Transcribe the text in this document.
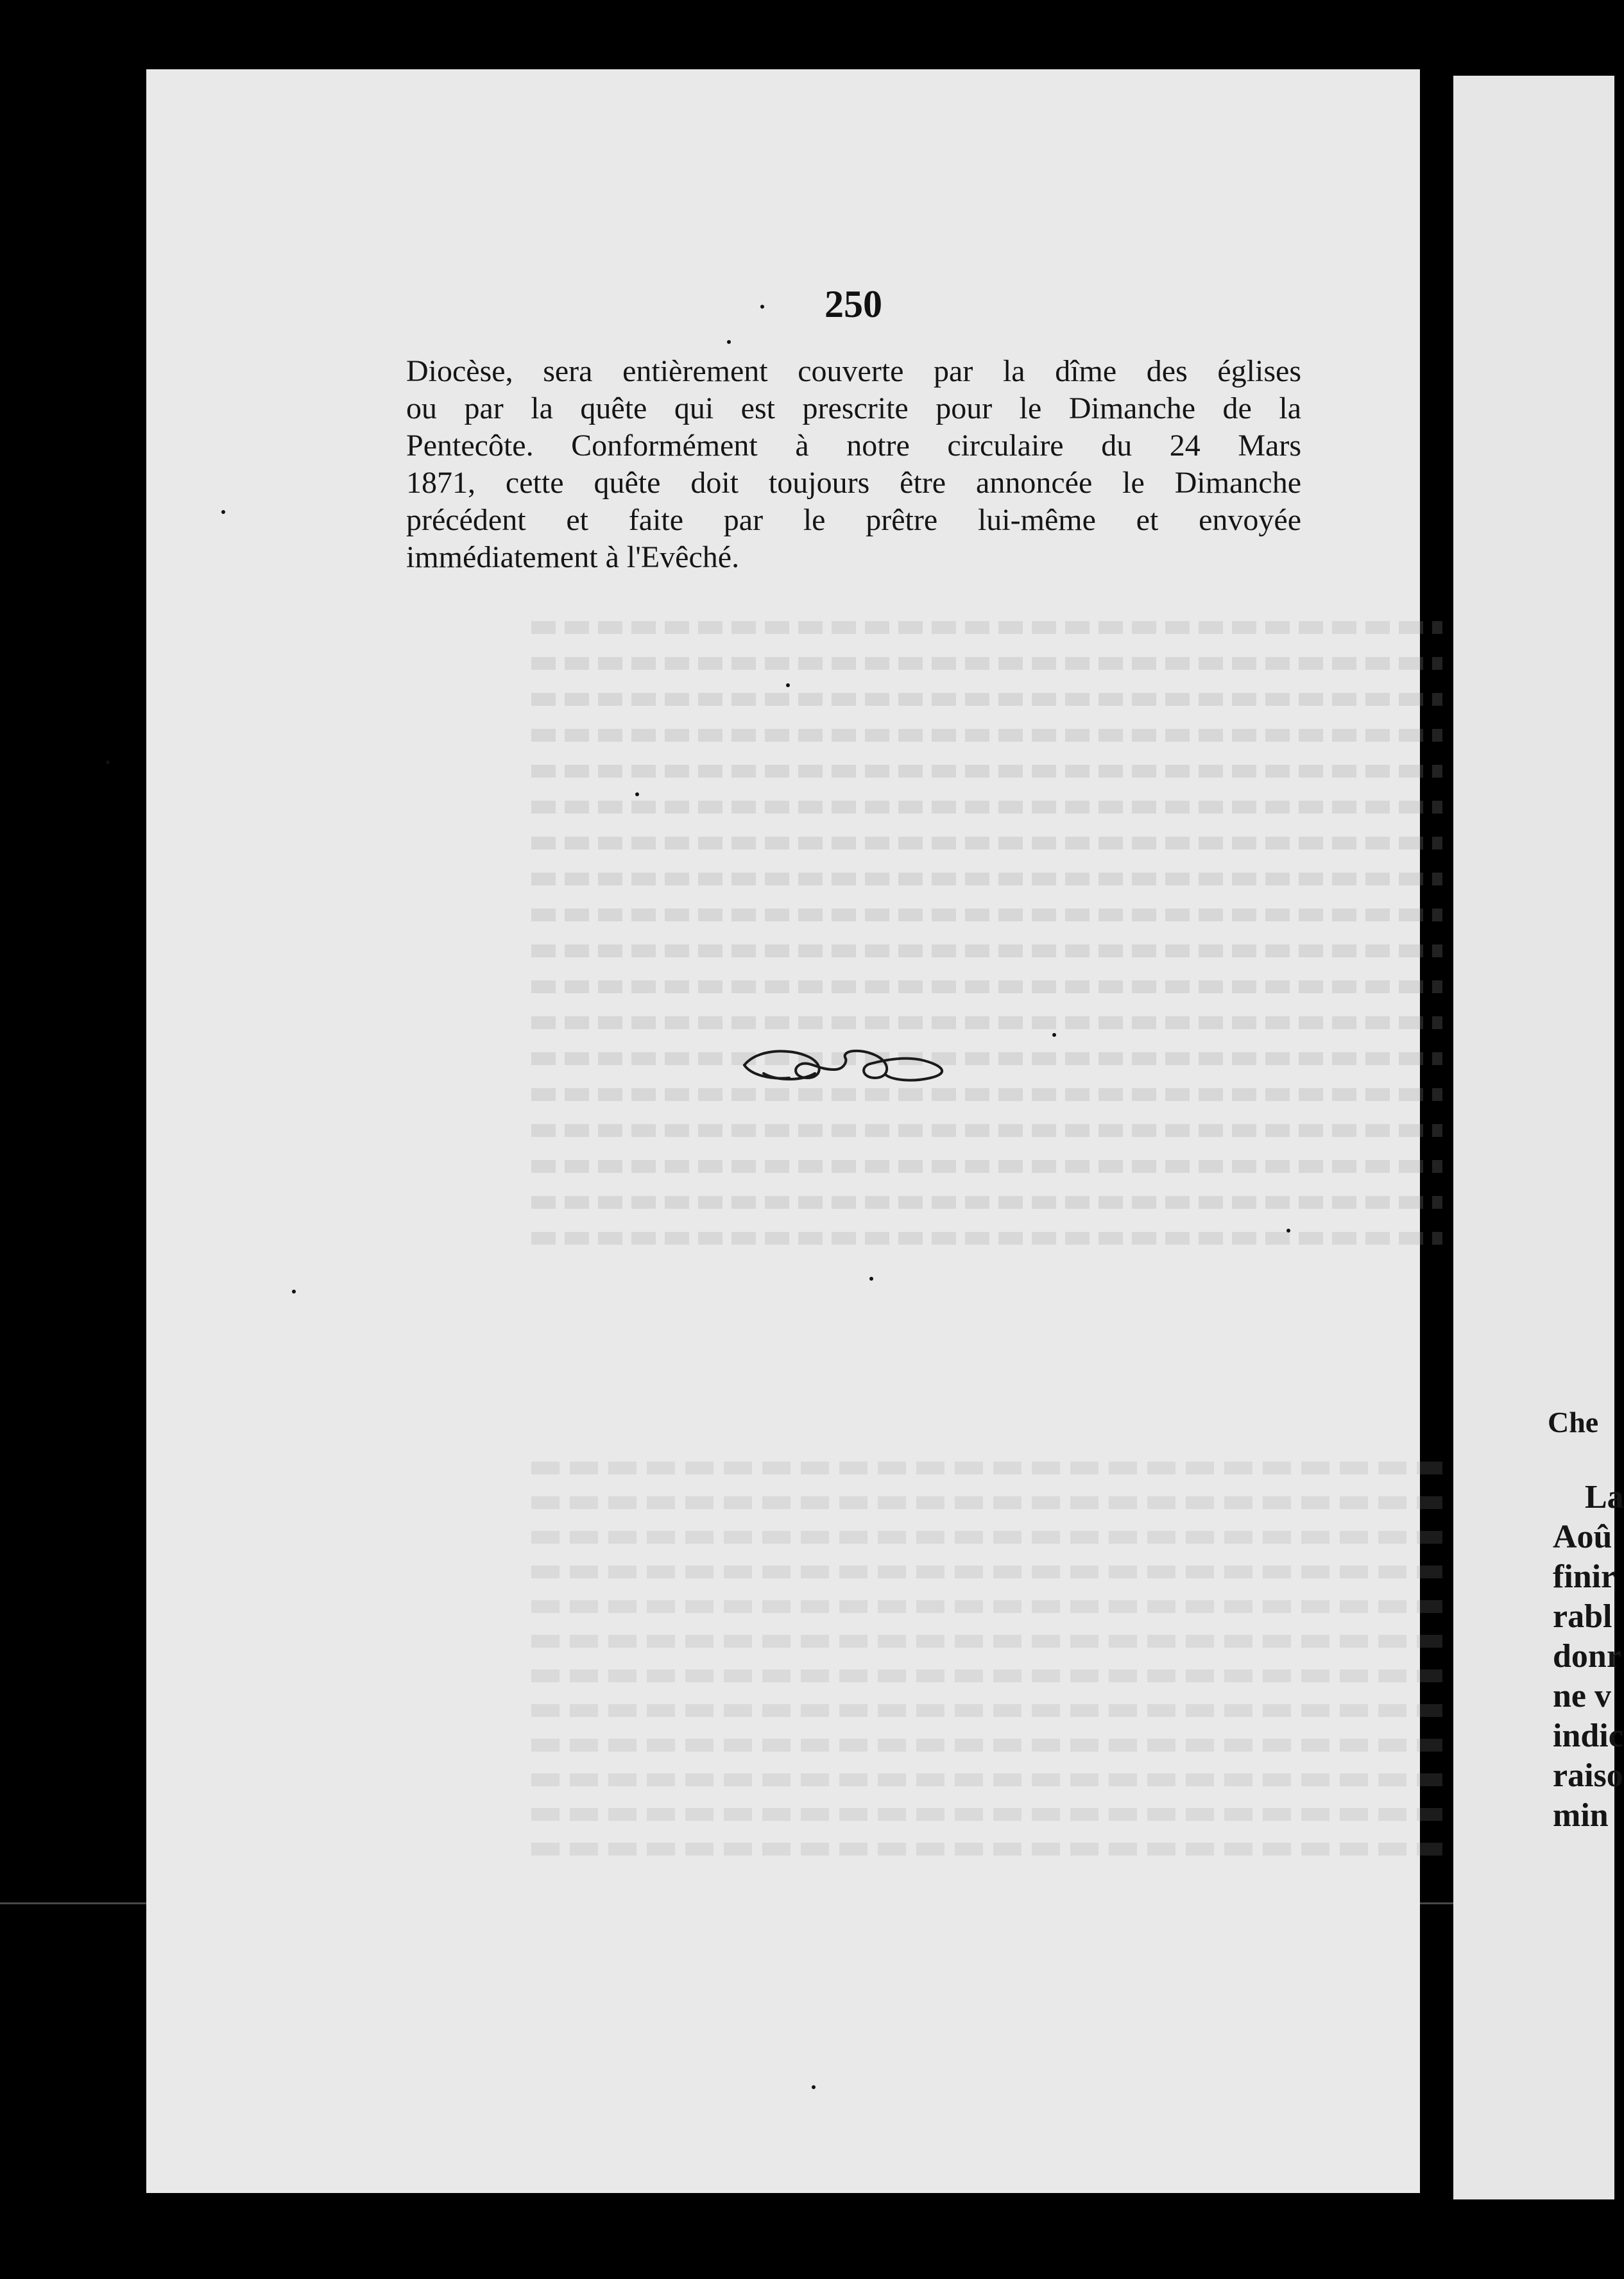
250

Diocèse, sera entièrement couverte par la dîme des églises
ou par la quête qui est prescrite pour le Dimanche de la
Pentecôte. Conformément à notre circulaire du 24 Mars
1871, cette quête doit toujours être annoncée le Dimanche
précédent et faite par le prêtre lui-même et envoyée
immédiatement à l'Evêché.
Che
La
Aoû
finir
rabl
donr
ne v
indic
raiso
min
